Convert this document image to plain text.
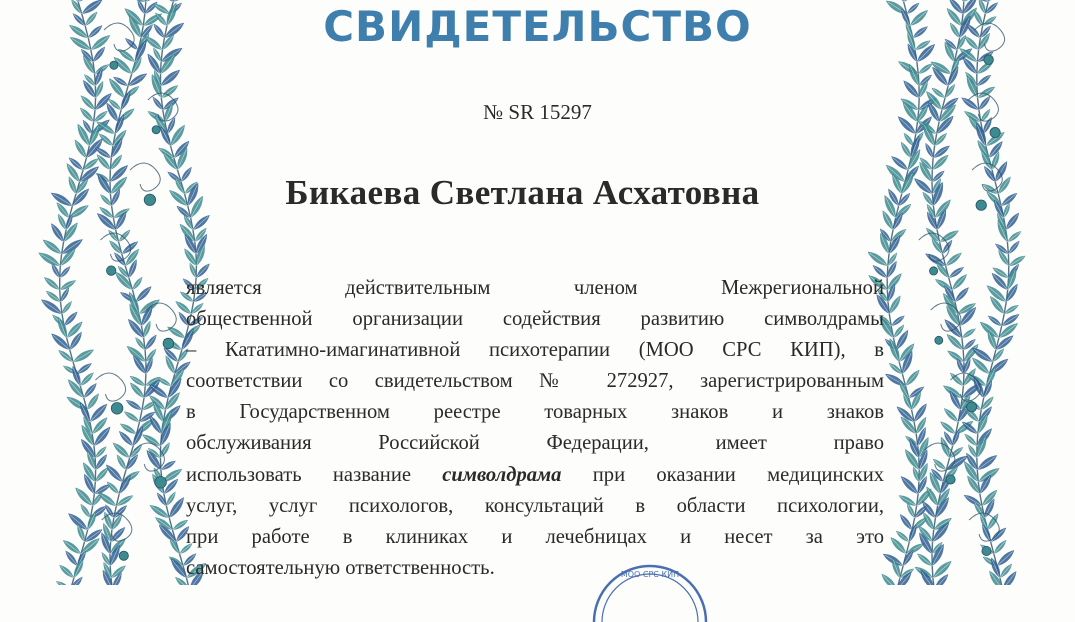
СВИДЕТЕЛЬСТВО
№ SR 15297
Бикаева Светлана Асхатовна
является действительным членом Межрегиональной
общественной организации содействия развитию символдрамы
– Кататимно-имагинативной психотерапии (МОО СРС КИП), в
соответствии со свидетельством № 272927, зарегистрированным
в Государственном реестре товарных знаков и знаков
обслуживания Российской Федерации, имеет право
использовать название символдрама при оказании медицинских
услуг, услуг психологов, консультаций в области психологии,
при работе в клиниках и лечебницах и несет за это
самостоятельную ответственность.	МОО СРС КИП
